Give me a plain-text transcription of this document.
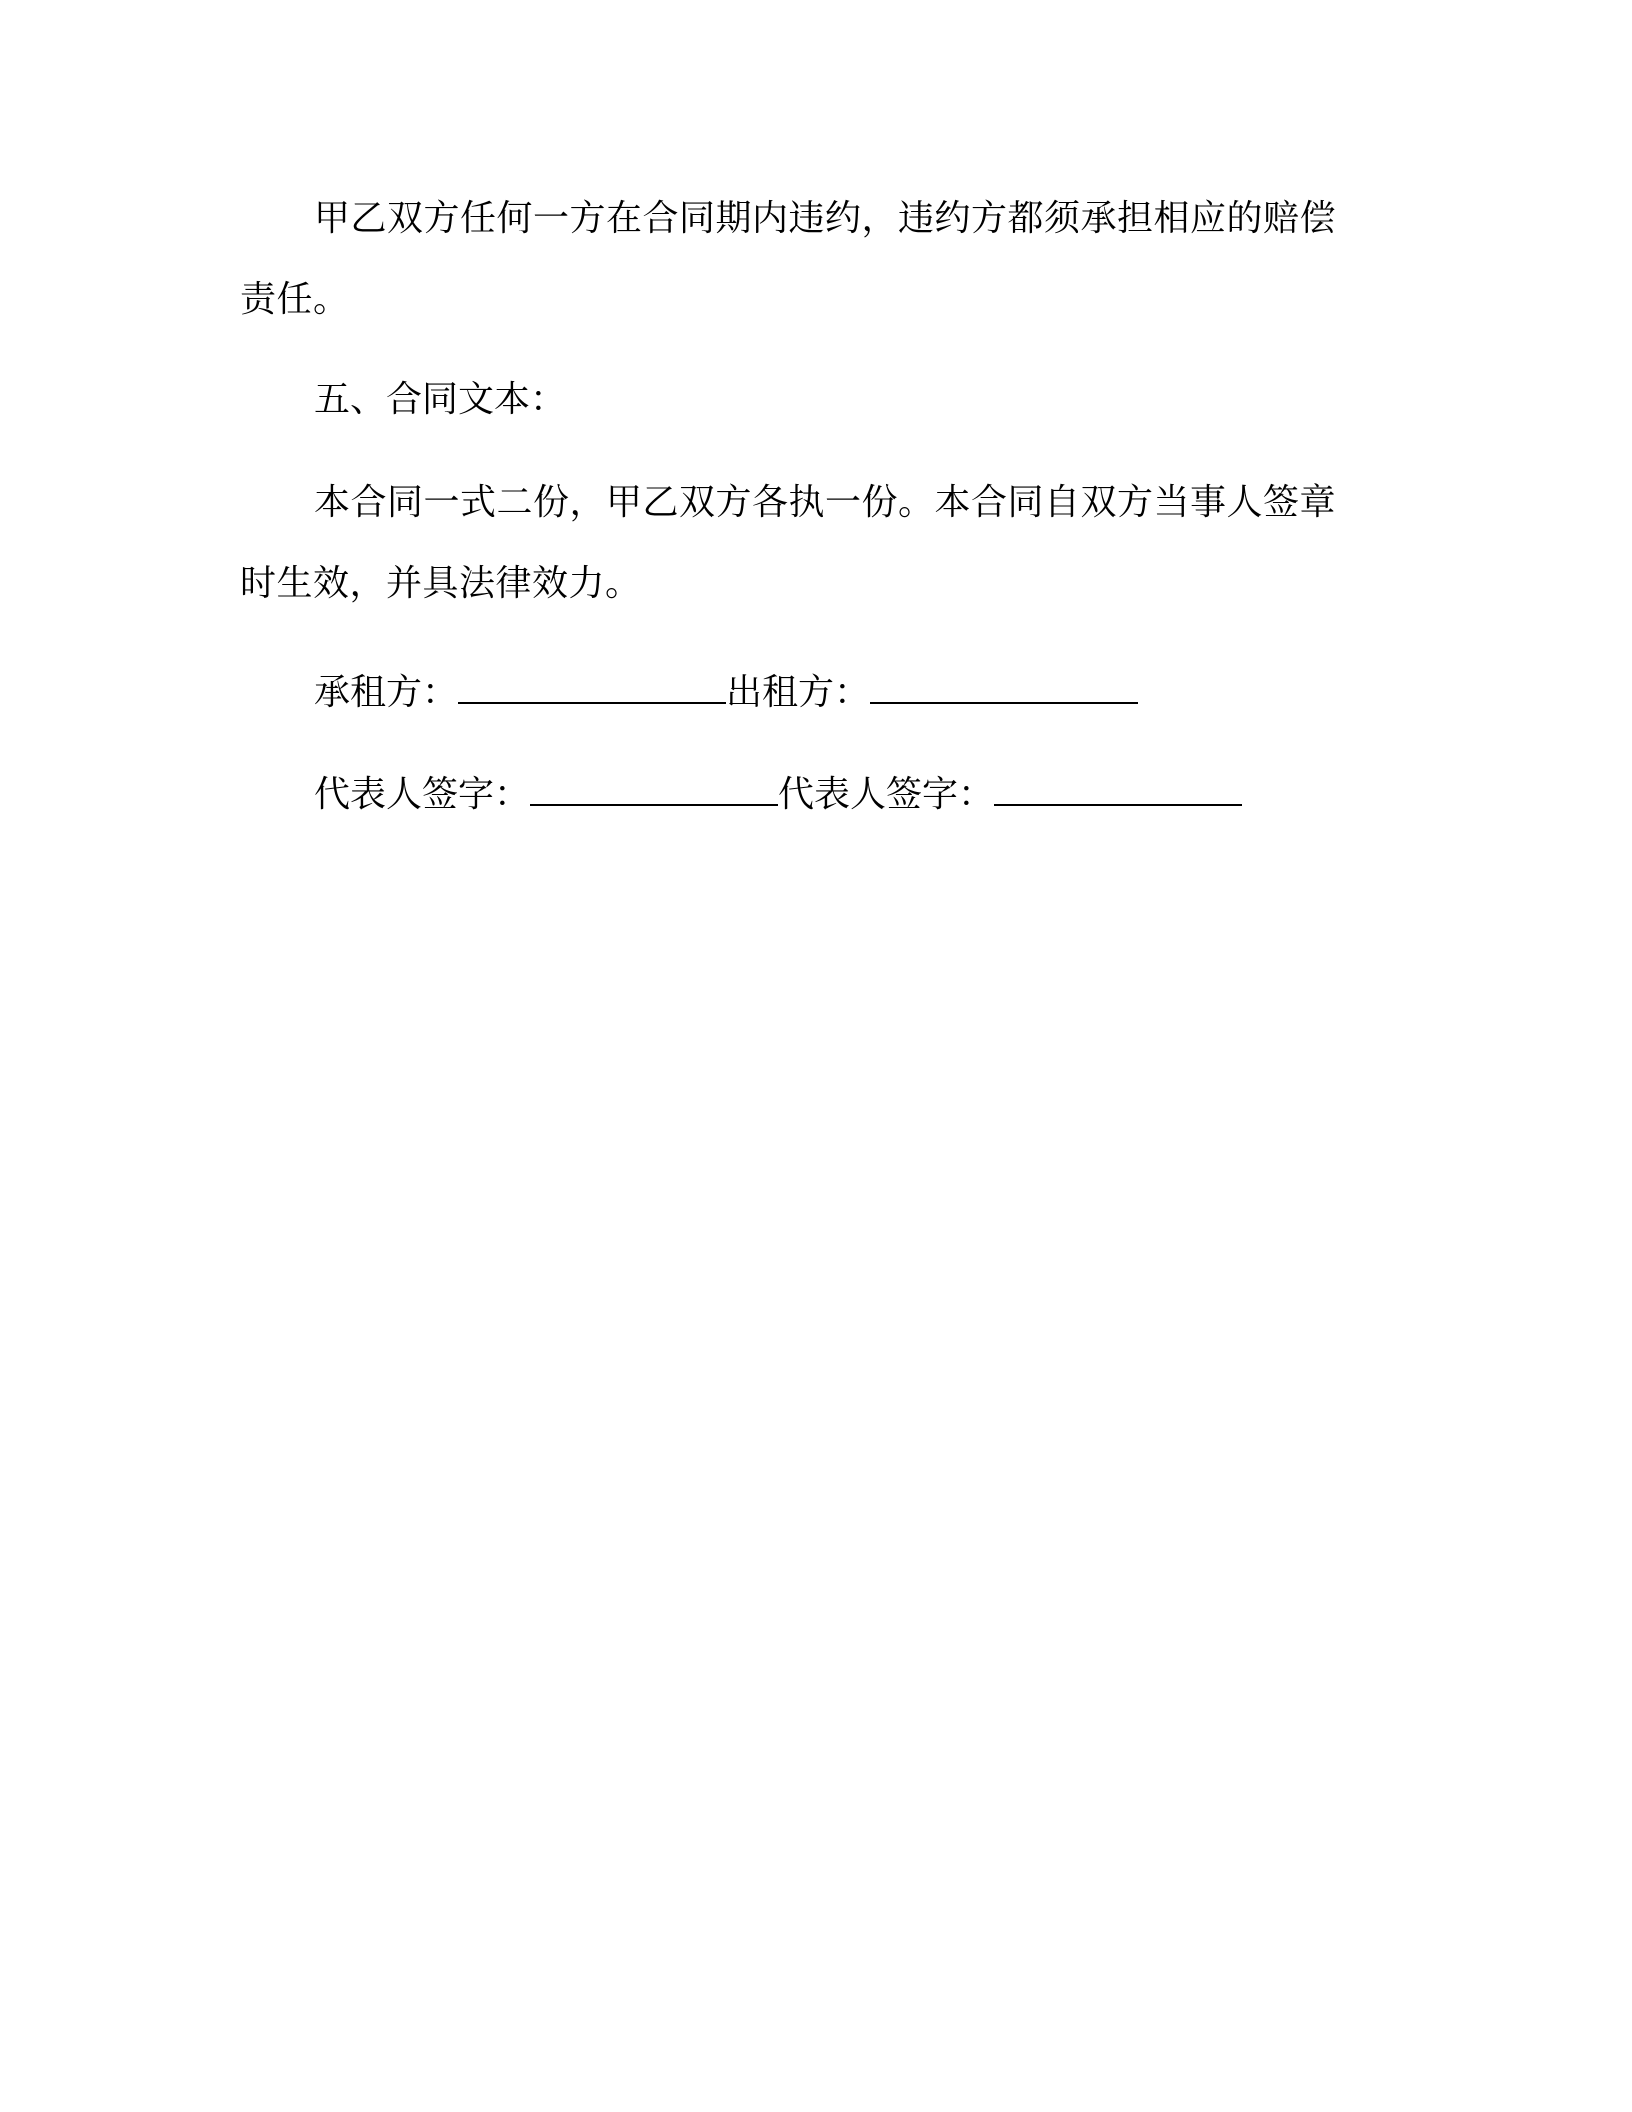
甲乙双方任何一方在合同期内违约，违约方都须承担相应的赔偿责任。

五、合同文本：

本合同一式二份，甲乙双方各执一份。本合同自双方当事人签章时生效，并具法律效力。

承租方：	出租方：
代表人签字：	代表人签字：
